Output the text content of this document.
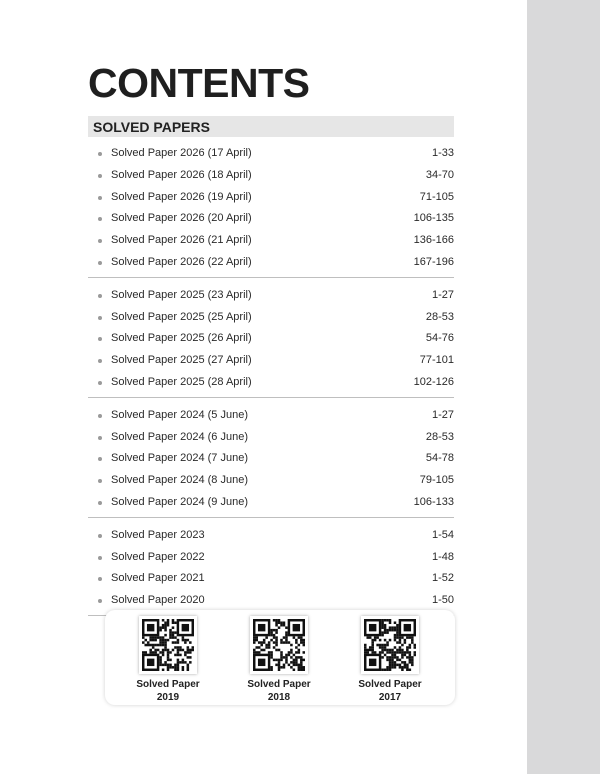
CONTENTS
SOLVED PAPERS
Solved Paper 2026 (17 April)	1-33
Solved Paper 2026 (18 April)	34-70
Solved Paper 2026 (19 April)	71-105
Solved Paper 2026 (20 April)	106-135
Solved Paper 2026 (21 April)	136-166
Solved Paper 2026 (22 April)	167-196
Solved Paper 2025 (23 April)	1-27
Solved Paper 2025 (25 April)	28-53
Solved Paper 2025 (26 April)	54-76
Solved Paper 2025 (27 April)	77-101
Solved Paper 2025 (28 April)	102-126
Solved Paper 2024 (5 June)	1-27
Solved Paper 2024 (6 June)	28-53
Solved Paper 2024 (7 June)	54-78
Solved Paper 2024 (8 June)	79-105
Solved Paper 2024 (9 June)	106-133
Solved Paper 2023	1-54
Solved Paper 2022	1-48
Solved Paper 2021	1-52
Solved Paper 2020	1-50
Solved Paper
2019
Solved Paper
2018
Solved Paper
2017
